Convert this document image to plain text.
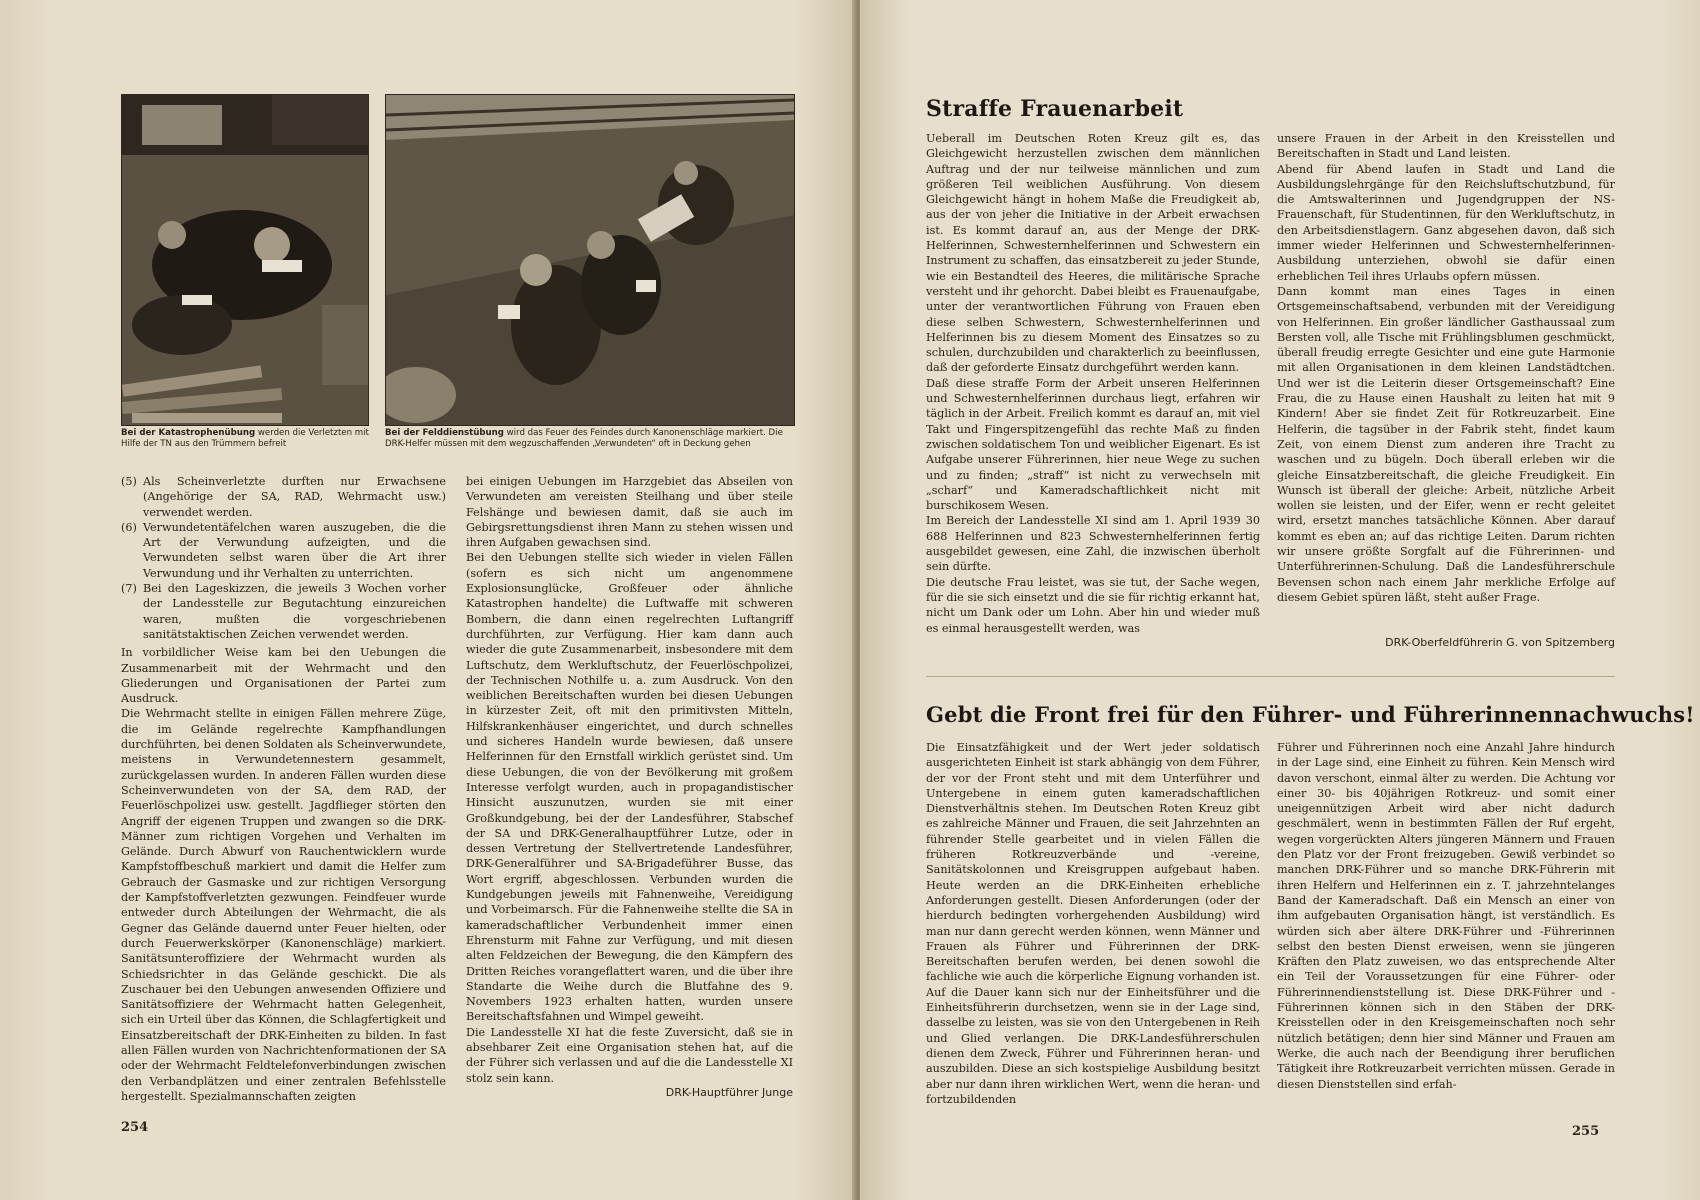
Bei der Katastrophenübung werden die Verletzten mit Hilfe der TN aus den Trümmern befreit
Bei der Felddienstübung wird das Feuer des Feindes durch Kanonenschläge markiert. Die DRK-Helfer müssen mit dem wegzuschaffenden „Verwundeten“ oft in Deckung gehen
(5) Als Scheinverletzte durften nur Erwachsene (Angehörige der SA, RAD, Wehrmacht usw.) verwendet werden.
(6) Verwundetentäfelchen waren auszugeben, die die Art der Verwundung aufzeigten, und die Verwundeten selbst waren über die Art ihrer Verwundung und ihr Verhalten zu unterrichten.
(7) Bei den Lageskizzen, die jeweils 3 Wochen vorher der Landesstelle zur Begutachtung einzureichen waren, mußten die vorgeschriebenen sanitätstaktischen Zeichen verwendet werden.

In vorbildlicher Weise kam bei den Uebungen die Zusammenarbeit mit der Wehrmacht und den Gliederungen und Organisationen der Partei zum Ausdruck.

Die Wehrmacht stellte in einigen Fällen mehrere Züge, die im Gelände regelrechte Kampfhandlungen durchführten, bei denen Soldaten als Scheinverwundete, meistens in Verwundetennestern gesammelt, zurückgelassen wurden. In anderen Fällen wurden diese Scheinverwundeten von der SA, dem RAD, der Feuerlöschpolizei usw. gestellt. Jagdflieger störten den Angriff der eigenen Truppen und zwangen so die DRK-Männer zum richtigen Vorgehen und Verhalten im Gelände. Durch Abwurf von Rauchentwicklern wurde Kampfstoffbeschuß markiert und damit die Helfer zum Gebrauch der Gasmaske und zur richtigen Versorgung der Kampfstoffverletzten gezwungen. Feindfeuer wurde entweder durch Abteilungen der Wehrmacht, die als Gegner das Gelände dauernd unter Feuer hielten, oder durch Feuerwerkskörper (Kanonenschläge) markiert. Sanitätsunteroffiziere der Wehrmacht wurden als Schiedsrichter in das Gelände geschickt. Die als Zuschauer bei den Uebungen anwesenden Offiziere und Sanitätsoffiziere der Wehrmacht hatten Gelegenheit, sich ein Urteil über das Können, die Schlagfertigkeit und Einsatzbereitschaft der DRK-Einheiten zu bilden. In fast allen Fällen wurden von Nachrichtenformationen der SA oder der Wehrmacht Feldtelefonverbindungen zwischen den Verbandplätzen und einer zentralen Befehlsstelle hergestellt. Spezialmannschaften zeigten

bei einigen Uebungen im Harzgebiet das Abseilen von Verwundeten am vereisten Steilhang und über steile Felshänge und bewiesen damit, daß sie auch im Gebirgsrettungsdienst ihren Mann zu stehen wissen und ihren Aufgaben gewachsen sind.

Bei den Uebungen stellte sich wieder in vielen Fällen (sofern es sich nicht um angenommene Explosionsunglücke, Großfeuer oder ähnliche Katastrophen handelte) die Luftwaffe mit schweren Bombern, die dann einen regelrechten Luftangriff durchführten, zur Verfügung. Hier kam dann auch wieder die gute Zusammenarbeit, insbesondere mit dem Luftschutz, dem Werkluftschutz, der Feuerlöschpolizei, der Technischen Nothilfe u. a. zum Ausdruck. Von den weiblichen Bereitschaften wurden bei diesen Uebungen in kürzester Zeit, oft mit den primitivsten Mitteln, Hilfskrankenhäuser eingerichtet, und durch schnelles und sicheres Handeln wurde bewiesen, daß unsere Helferinnen für den Ernstfall wirklich gerüstet sind. Um diese Uebungen, die von der Bevölkerung mit großem Interesse verfolgt wurden, auch in propagandistischer Hinsicht auszunutzen, wurden sie mit einer Großkundgebung, bei der der Landesführer, Stabschef der SA und DRK-Generalhauptführer Lutze, oder in dessen Vertretung der Stellvertretende Landesführer, DRK-Generalführer und SA-Brigadeführer Busse, das Wort ergriff, abgeschlossen. Verbunden wurden die Kundgebungen jeweils mit Fahnenweihe, Vereidigung und Vorbeimarsch. Für die Fahnenweihe stellte die SA in kameradschaftlicher Verbundenheit immer einen Ehrensturm mit Fahne zur Verfügung, und mit diesen alten Feldzeichen der Bewegung, die den Kämpfern des Dritten Reiches vorangeflattert waren, und die über ihre Standarte die Weihe durch die Blutfahne des 9. Novembers 1923 erhalten hatten, wurden unsere Bereitschaftsfahnen und Wimpel geweiht.

Die Landesstelle XI hat die feste Zuversicht, daß sie in absehbarer Zeit eine Organisation stehen hat, auf die der Führer sich verlassen und auf die die Landesstelle XI stolz sein kann.

DRK-Hauptführer Junge
254
Straffe Frauenarbeit

Ueberall im Deutschen Roten Kreuz gilt es, das Gleichgewicht herzustellen zwischen dem männlichen Auftrag und der nur teilweise männlichen und zum größeren Teil weiblichen Ausführung. Von diesem Gleichgewicht hängt in hohem Maße die Freudigkeit ab, aus der von jeher die Initiative in der Arbeit erwachsen ist. Es kommt darauf an, aus der Menge der DRK-Helferinnen, Schwesternhelferinnen und Schwestern ein Instrument zu schaffen, das einsatzbereit zu jeder Stunde, wie ein Bestandteil des Heeres, die militärische Sprache versteht und ihr gehorcht. Dabei bleibt es Frauenaufgabe, unter der verantwortlichen Führung von Frauen eben diese selben Schwestern, Schwesternhelferinnen und Helferinnen bis zu diesem Moment des Einsatzes so zu schulen, durchzubilden und charakterlich zu beeinflussen, daß der geforderte Einsatz durchgeführt werden kann.

Daß diese straffe Form der Arbeit unseren Helferinnen und Schwesternhelferinnen durchaus liegt, erfahren wir täglich in der Arbeit. Freilich kommt es darauf an, mit viel Takt und Fingerspitzengefühl das rechte Maß zu finden zwischen soldatischem Ton und weiblicher Eigenart. Es ist Aufgabe unserer Führerinnen, hier neue Wege zu suchen und zu finden; „straff“ ist nicht zu verwechseln mit „scharf“ und Kameradschaftlichkeit nicht mit burschikosem Wesen.

Im Bereich der Landesstelle XI sind am 1. April 1939 30 688 Helferinnen und 823 Schwesternhelferinnen fertig ausgebildet gewesen, eine Zahl, die inzwischen überholt sein dürfte.

Die deutsche Frau leistet, was sie tut, der Sache wegen, für die sie sich einsetzt und die sie für richtig erkannt hat, nicht um Dank oder um Lohn. Aber hin und wieder muß es einmal herausgestellt werden, was

unsere Frauen in der Arbeit in den Kreisstellen und Bereitschaften in Stadt und Land leisten.

Abend für Abend laufen in Stadt und Land die Ausbildungslehrgänge für den Reichsluftschutzbund, für die Amtswalterinnen und Jugendgruppen der NS-Frauenschaft, für Studentinnen, für den Werkluftschutz, in den Arbeitsdienstlagern. Ganz abgesehen davon, daß sich immer wieder Helferinnen und Schwesternhelferinnen-Ausbildung unterziehen, obwohl sie dafür einen erheblichen Teil ihres Urlaubs opfern müssen.

Dann kommt man eines Tages in einen Ortsgemeinschaftsabend, verbunden mit der Vereidigung von Helferinnen. Ein großer ländlicher Gasthaussaal zum Bersten voll, alle Tische mit Frühlingsblumen geschmückt, überall freudig erregte Gesichter und eine gute Harmonie mit allen Organisationen in dem kleinen Landstädtchen. Und wer ist die Leiterin dieser Ortsgemeinschaft? Eine Frau, die zu Hause einen Haushalt zu leiten hat mit 9 Kindern! Aber sie findet Zeit für Rotkreuzarbeit. Eine Helferin, die tagsüber in der Fabrik steht, findet kaum Zeit, von einem Dienst zum anderen ihre Tracht zu waschen und zu bügeln. Doch überall erleben wir die gleiche Einsatzbereitschaft, die gleiche Freudigkeit. Ein Wunsch ist überall der gleiche: Arbeit, nützliche Arbeit wollen sie leisten, und der Eifer, wenn er recht geleitet wird, ersetzt manches tatsächliche Können. Aber darauf kommt es eben an; auf das richtige Leiten. Darum richten wir unsere größte Sorgfalt auf die Führerinnen- und Unterführerinnen-Schulung. Daß die Landesführerschule Bevensen schon nach einem Jahr merkliche Erfolge auf diesem Gebiet spüren läßt, steht außer Frage.

DRK-Oberfeldführerin G. von Spitzemberg
Gebt die Front frei für den Führer- und Führerinnennachwuchs!

Die Einsatzfähigkeit und der Wert jeder soldatisch ausgerichteten Einheit ist stark abhängig von dem Führer, der vor der Front steht und mit dem Unterführer und Untergebene in einem guten kameradschaftlichen Dienstverhältnis stehen. Im Deutschen Roten Kreuz gibt es zahlreiche Männer und Frauen, die seit Jahrzehnten an führender Stelle gearbeitet und in vielen Fällen die früheren Rotkreuzverbände und -vereine, Sanitätskolonnen und Kreisgruppen aufgebaut haben. Heute werden an die DRK-Einheiten erhebliche Anforderungen gestellt. Diesen Anforderungen (oder der hierdurch bedingten vorhergehenden Ausbildung) wird man nur dann gerecht werden können, wenn Männer und Frauen als Führer und Führerinnen der DRK-Bereitschaften berufen werden, bei denen sowohl die fachliche wie auch die körperliche Eignung vorhanden ist. Auf die Dauer kann sich nur der Einheitsführer und die Einheitsführerin durchsetzen, wenn sie in der Lage sind, dasselbe zu leisten, was sie von den Untergebenen in Reih und Glied verlangen. Die DRK-Landesführerschulen dienen dem Zweck, Führer und Führerinnen heran- und auszubilden. Diese an sich kostspielige Ausbildung besitzt aber nur dann ihren wirklichen Wert, wenn die heran- und fortzubildenden

Führer und Führerinnen noch eine Anzahl Jahre hindurch in der Lage sind, eine Einheit zu führen. Kein Mensch wird davon verschont, einmal älter zu werden. Die Achtung vor einer 30- bis 40jährigen Rotkreuz- und somit einer uneigennützigen Arbeit wird aber nicht dadurch geschmälert, wenn in bestimmten Fällen der Ruf ergeht, wegen vorgerückten Alters jüngeren Männern und Frauen den Platz vor der Front freizugeben. Gewiß verbindet so manchen DRK-Führer und so manche DRK-Führerin mit ihren Helfern und Helferinnen ein z. T. jahrzehntelanges Band der Kameradschaft. Daß ein Mensch an einer von ihm aufgebauten Organisation hängt, ist verständlich. Es würden sich aber ältere DRK-Führer und -Führerinnen selbst den besten Dienst erweisen, wenn sie jüngeren Kräften den Platz zuweisen, wo das entsprechende Alter ein Teil der Voraussetzungen für eine Führer- oder Führerinnendienststellung ist. Diese DRK-Führer und -Führerinnen können sich in den Stäben der DRK-Kreisstellen oder in den Kreisgemeinschaften noch sehr nützlich betätigen; denn hier sind Männer und Frauen am Werke, die auch nach der Beendigung ihrer beruflichen Tätigkeit ihre Rotkreuzarbeit verrichten müssen. Gerade in diesen Dienststellen sind erfah-

255
